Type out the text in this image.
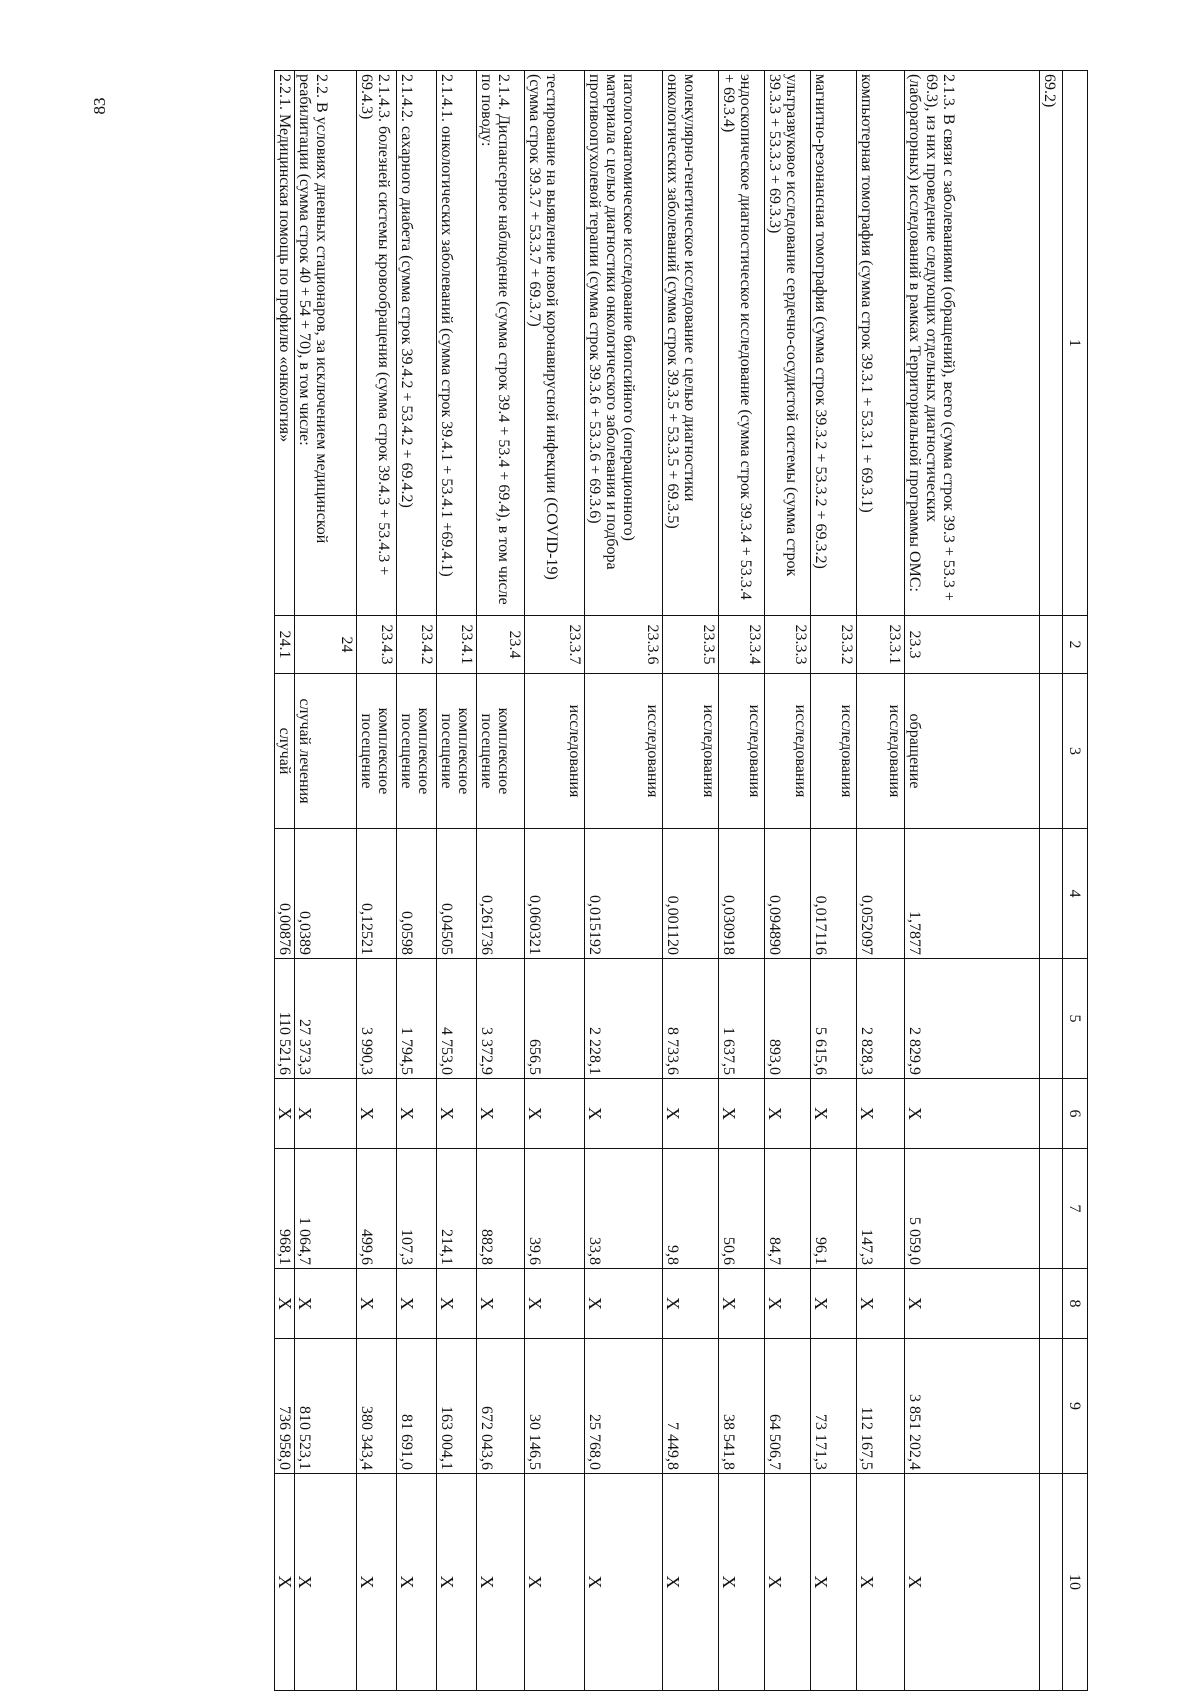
83
1	2	3	4	5	6	7	8	9	10
69.2)									
2.1.3. В связи с заболеваниями (обращений), всего (сумма строк 39.3 + 53.3 + 69.3), из них проведение следующих отдельных диагностических (лабораторных) исследований в рамках Территориальной программы ОМС:	23.3	обращение	1,7877	2 829,9	Х	5 059,0	Х	3 851 202,4	Х
компьютерная томография (сумма строк 39.3.1 + 53.3.1 + 69.3.1)	23.3.1	исследования	0,052097	2 828,3	Х	147,3	Х	112 167,5	Х
магнитно-резонансная томография (сумма строк 39.3.2 + 53.3.2 + 69.3.2)	23.3.2	исследования	0,017116	5 615,6	Х	96,1	Х	73 171,3	Х
ультразвуковое исследование сердечно-сосудистой системы (сумма строк 39.3.3 + 53.3.3 + 69.3.3)	23.3.3	исследования	0,094890	893,0	Х	84,7	Х	64 506,7	Х
эндоскопическое диагностическое исследование (сумма строк 39.3.4 + 53.3.4 + 69.3.4)	23.3.4	исследования	0,030918	1 637,5	Х	50,6	Х	38 541,8	Х
молекулярно-генетическое исследование с целью диагностики онкологических заболеваний (сумма строк 39.3.5 + 53.3.5 + 69.3.5)	23.3.5	исследования	0,001120	8 733,6	Х	9,8	Х	7 449,8	Х
патологоанатомическое исследование биопсийного (операционного) материала с целью диагностики онкологического заболевания и подбора противоопухолевой терапии (сумма строк 39.3.6 + 53.3.6 + 69.3.6)	23.3.6	исследования	0,015192	2 228,1	Х	33,8	Х	25 768,0	Х
тестирование на выявление новой коронавирусной инфекции (COVID-19) (сумма строк 39.3.7 + 53.3.7 + 69.3.7)	23.3.7	исследования	0,060321	656,5	Х	39,6	Х	30 146,5	Х
2.1.4. Диспансерное наблюдение (сумма строк 39.4 + 53.4 + 69.4), в том числе по поводу:	23.4	комплексное посещение	0,261736	3 372,9	Х	882,8	Х	672 043,6	Х
2.1.4.1. онкологических заболеваний (сумма строк 39.4.1 + 53.4.1 +69.4.1)	23.4.1	комплексное посещение	0,04505	4 753,0	Х	214,1	Х	163 004,1	Х
2.1.4.2. сахарного диабета (сумма строк 39.4.2 + 53.4.2 + 69.4.2)	23.4.2	комплексное посещение	0,0598	1 794,5	Х	107,3	Х	81 691,0	Х
2.1.4.3. болезней системы кровообращения (сумма строк 39.4.3 + 53.4.3 + 69.4.3)	23.4.3	комплексное посещение	0,12521	3 990,3	Х	499,6	Х	380 343,4	Х
2.2. В условиях дневных стационаров, за исключением медицинской реабилитации (сумма строк 40 + 54 + 70), в том числе:	24	случай лечения	0,0389	27 373,3	Х	1 064,7	Х	810 523,1	Х
2.2.1. Медицинская помощь по профилю «онкология»	24.1	случай	0,00876	110 521,6	Х	968,1	Х	736 958,0	Х
